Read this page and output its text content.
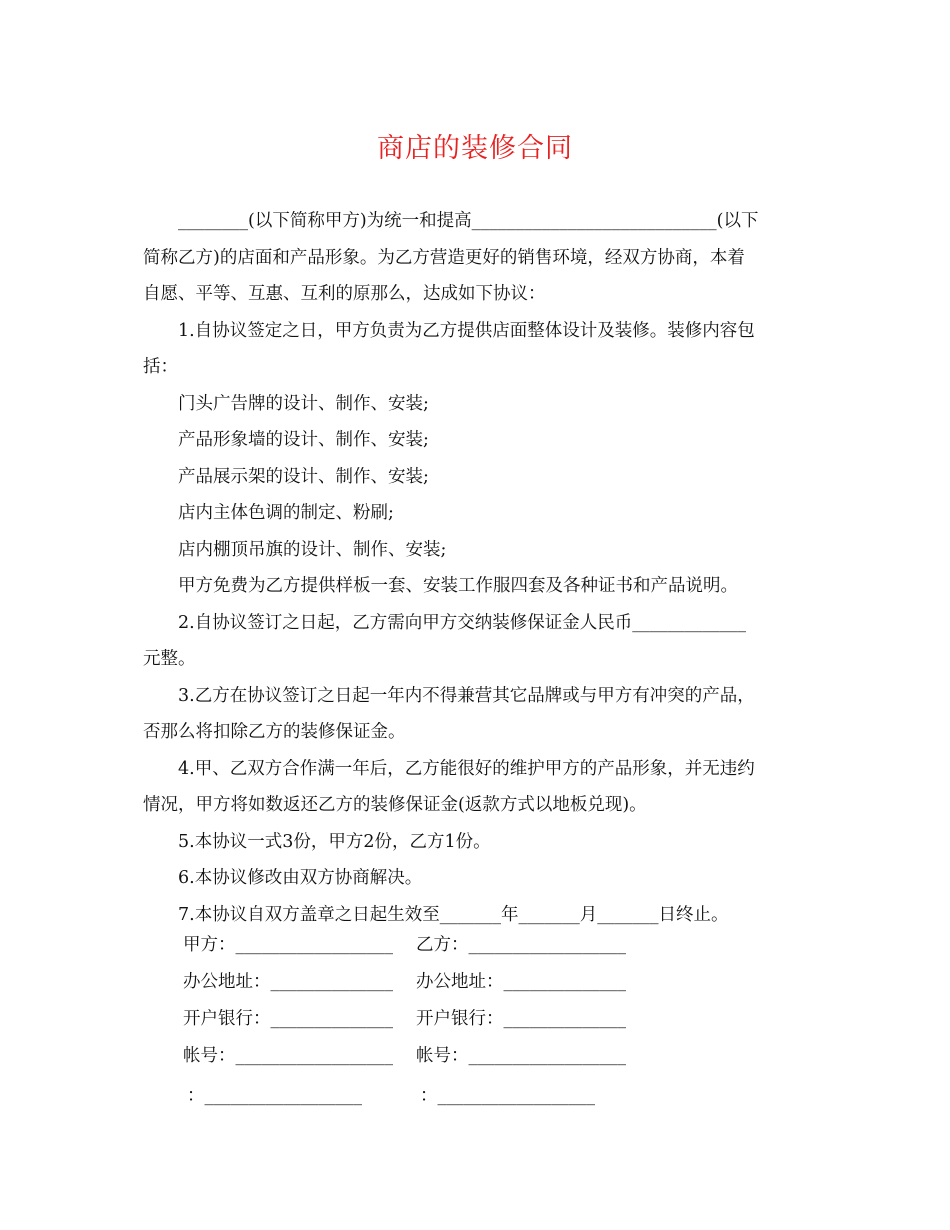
商店的装修合同
________(以下简称甲方)为统一和提高____________________________(以下
简称乙方)的店面和产品形象。为乙方营造更好的销售环境，经双方协商，本着
自愿、平等、互惠、互利的原那么，达成如下协议：
1.自协议签定之日，甲方负责为乙方提供店面整体设计及装修。装修内容包
括：
门头广告牌的设计、制作、安装;
产品形象墙的设计、制作、安装;
产品展示架的设计、制作、安装;
店内主体色调的制定、粉刷;
店内棚顶吊旗的设计、制作、安装;
甲方免费为乙方提供样板一套、安装工作服四套及各种证书和产品说明。
2.自协议签订之日起，乙方需向甲方交纳装修保证金人民币_____________
元整。
3.乙方在协议签订之日起一年内不得兼营其它品牌或与甲方有冲突的产品，
否那么将扣除乙方的装修保证金。
4.甲、乙双方合作满一年后，乙方能很好的维护甲方的产品形象，并无违约
情况，甲方将如数返还乙方的装修保证金(返款方式以地板兑现)。
5.本协议一式3份，甲方2份，乙方1份。
6.本协议修改由双方协商解决。
7.本协议自双方盖章之日起生效至_______年_______月_______日终止。
甲方：__________________ 乙方：__________________
办公地址：______________ 办公地址：______________
开户银行：______________ 开户银行：______________
帐号：__________________ 帐号：__________________
：__________________	：__________________
